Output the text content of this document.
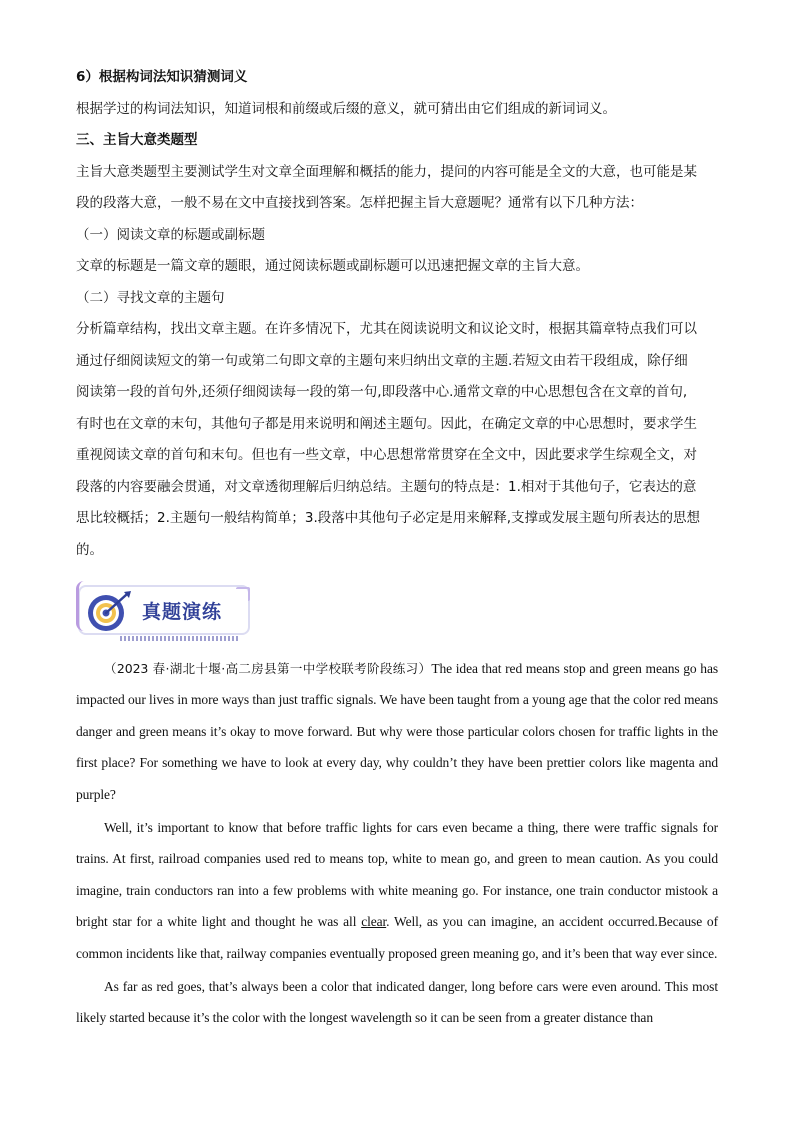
6）根据构词法知识猜测词义
根据学过的构词法知识，知道词根和前缀或后缀的意义，就可猜出由它们组成的新词词义。
三、主旨大意类题型
主旨大意类题型主要测试学生对文章全面理解和概括的能力，提问的内容可能是全文的大意，也可能是某
段的段落大意，一般不易在文中直接找到答案。怎样把握主旨大意题呢？通常有以下几种方法：
（一）阅读文章的标题或副标题
文章的标题是一篇文章的题眼，通过阅读标题或副标题可以迅速把握文章的主旨大意。
（二）寻找文章的主题句
分析篇章结构，找出文章主题。在许多情况下，尤其在阅读说明文和议论文时，根据其篇章特点我们可以
通过仔细阅读短文的第一句或第二句即文章的主题句来归纳出文章的主题.若短文由若干段组成，除仔细
阅读第一段的首句外,还须仔细阅读每一段的第一句,即段落中心.通常文章的中心思想包含在文章的首句,
有时也在文章的末句，其他句子都是用来说明和阐述主题句。因此，在确定文章的中心思想时，要求学生
重视阅读文章的首句和末句。但也有一些文章，中心思想常常贯穿在全文中，因此要求学生综观全文，对
段落的内容要融会贯通，对文章透彻理解后归纳总结。主题句的特点是：1.相对于其他句子，它表达的意
思比较概括；2.主题句一般结构简单；3.段落中其他句子必定是用来解释,支撑或发展主题句所表达的思想
的。
真题演练
（2023 春·湖北十堰·高二房县第一中学校联考阶段练习）The idea that red means stop and green means go has impacted our lives in more ways than just traffic signals. We have been taught from a young age that the color red means danger and green means it’s okay to move forward. But why were those particular colors chosen for traffic lights in the first place? For something we have to look at every day, why couldn’t they have been prettier colors like magenta and purple?
Well, it’s important to know that before traffic lights for cars even became a thing, there were traffic signals for trains. At first, railroad companies used red to means top, white to mean go, and green to mean caution. As you could imagine, train conductors ran into a few problems with white meaning go. For instance, one train conductor mistook a bright star for a white light and thought he was all clear. Well, as you can imagine, an accident occurred.Because of common incidents like that, railway companies eventually proposed green meaning go, and it’s been that way ever since.
As far as red goes, that’s always been a color that indicated danger, long before cars were even around. This most likely started because it’s the color with the longest wavelength so it can be seen from a greater distance than
